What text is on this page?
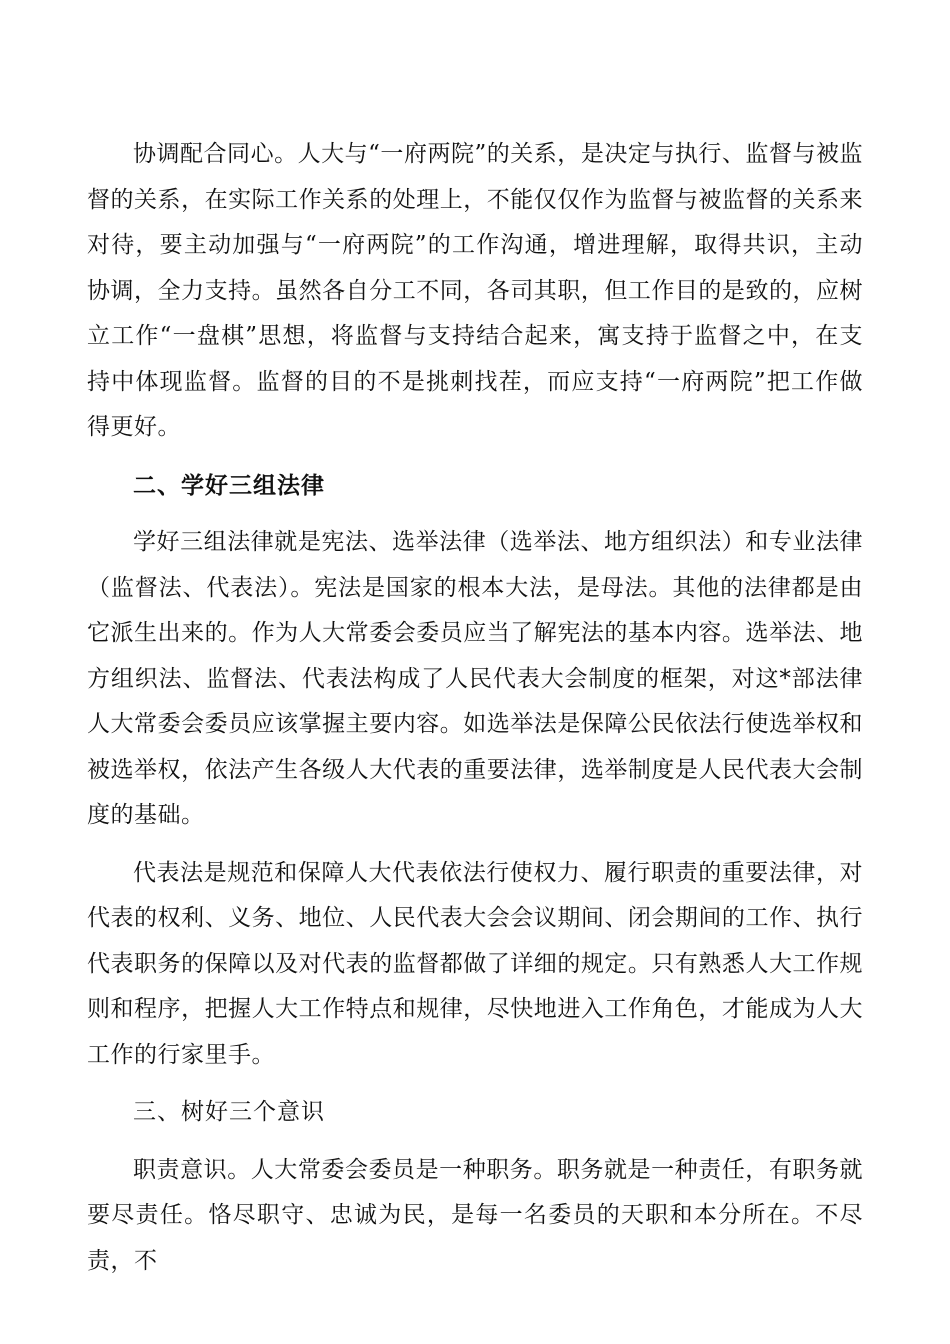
协调配合同心。人大与“一府两院”的关系，是决定与执行、监督与被监督的关系，在实际工作关系的处理上，不能仅仅作为监督与被监督的关系来对待，要主动加强与“一府两院”的工作沟通，增进理解，取得共识，主动协调，全力支持。虽然各自分工不同，各司其职，但工作目的是致的，应树立工作“一盘棋”思想，将监督与支持结合起来，寓支持于监督之中，在支持中体现监督。监督的目的不是挑刺找茬，而应支持“一府两院”把工作做得更好。

二、学好三组法律

学好三组法律就是宪法、选举法律（选举法、地方组织法）和专业法律（监督法、代表法）。宪法是国家的根本大法，是母法。其他的法律都是由它派生出来的。作为人大常委会委员应当了解宪法的基本内容。选举法、地方组织法、监督法、代表法构成了人民代表大会制度的框架，对这*部法律人大常委会委员应该掌握主要内容。如选举法是保障公民依法行使选举权和被选举权，依法产生各级人大代表的重要法律，选举制度是人民代表大会制度的基础。

代表法是规范和保障人大代表依法行使权力、履行职责的重要法律，对代表的权利、义务、地位、人民代表大会会议期间、闭会期间的工作、执行代表职务的保障以及对代表的监督都做了详细的规定。只有熟悉人大工作规则和程序，把握人大工作特点和规律，尽快地进入工作角色，才能成为人大工作的行家里手。

三、树好三个意识

职责意识。人大常委会委员是一种职务。职务就是一种责任，有职务就要尽责任。恪尽职守、忠诚为民，是每一名委员的天职和本分所在。不尽责，不
